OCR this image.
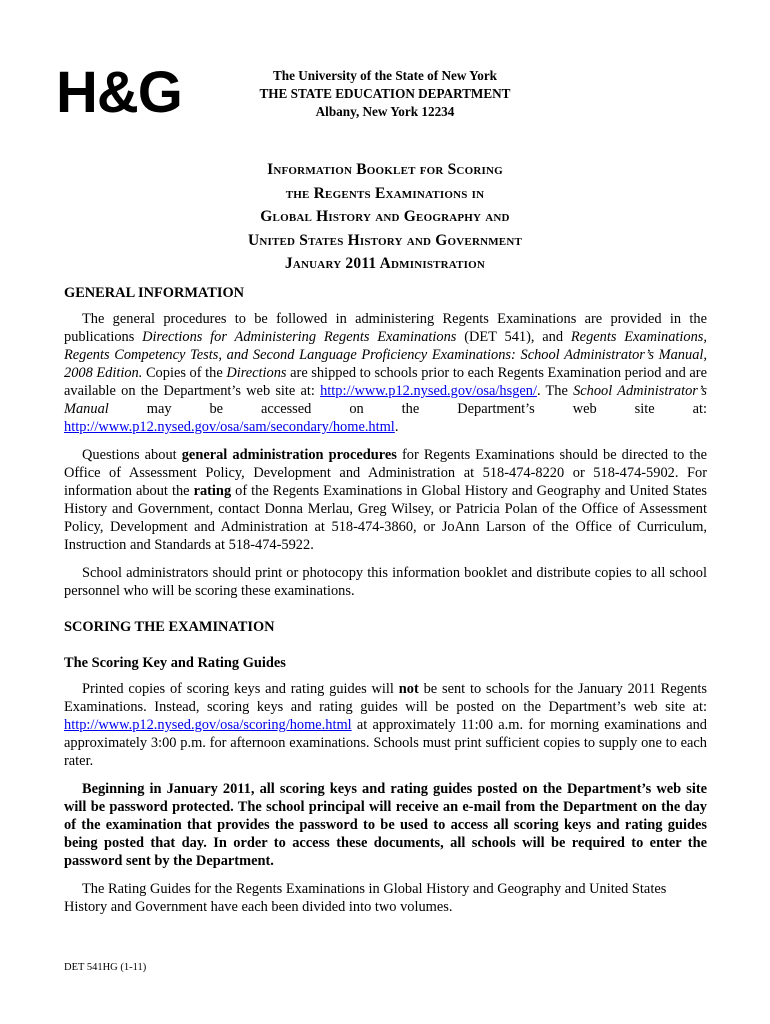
H&G	The University of the State of New York
THE STATE EDUCATION DEPARTMENT
Albany, New York 12234
Information Booklet for Scoring
the Regents Examinations in
Global History and Geography and
United States History and Government
January 2011 Administration

GENERAL INFORMATION

The general procedures to be followed in administering Regents Examinations are provided in the publications Directions for Administering Regents Examinations (DET 541), and Regents Examinations, Regents Competency Tests, and Second Language Proficiency Examinations: School Administrator’s Manual, 2008 Edition. Copies of the Directions are shipped to schools prior to each Regents Examination period and are available on the Department’s web site at: http://www.p12.nysed.gov/osa/hsgen/. The School Administrator’s Manual may be accessed on the Department’s web site at: http://www.p12.nysed.gov/osa/sam/secondary/home.html.

Questions about general administration procedures for Regents Examinations should be directed to the Office of Assessment Policy, Development and Administration at 518-474-8220 or 518-474-5902. For information about the rating of the Regents Examinations in Global History and Geography and United States History and Government, contact Donna Merlau, Greg Wilsey, or Patricia Polan of the Office of Assessment Policy, Development and Administration at 518-474-3860, or JoAnn Larson of the Office of Curriculum, Instruction and Standards at 518-474-5922.

School administrators should print or photocopy this information booklet and distribute copies to all school personnel who will be scoring these examinations.

SCORING THE EXAMINATION

The Scoring Key and Rating Guides

Printed copies of scoring keys and rating guides will not be sent to schools for the January 2011 Regents Examinations. Instead, scoring keys and rating guides will be posted on the Department’s web site at: http://www.p12.nysed.gov/osa/scoring/home.html at approximately 11:00 a.m. for morning examinations and approximately 3:00 p.m. for afternoon examinations. Schools must print sufficient copies to supply one to each rater.

Beginning in January 2011, all scoring keys and rating guides posted on the Department’s web site will be password protected. The school principal will receive an e-mail from the Department on the day of the examination that provides the password to be used to access all scoring keys and rating guides being posted that day. In order to access these documents, all schools will be required to enter the password sent by the Department.

The Rating Guides for the Regents Examinations in Global History and Geography and United States History and Government have each been divided into two volumes.

DET 541HG (1-11)
